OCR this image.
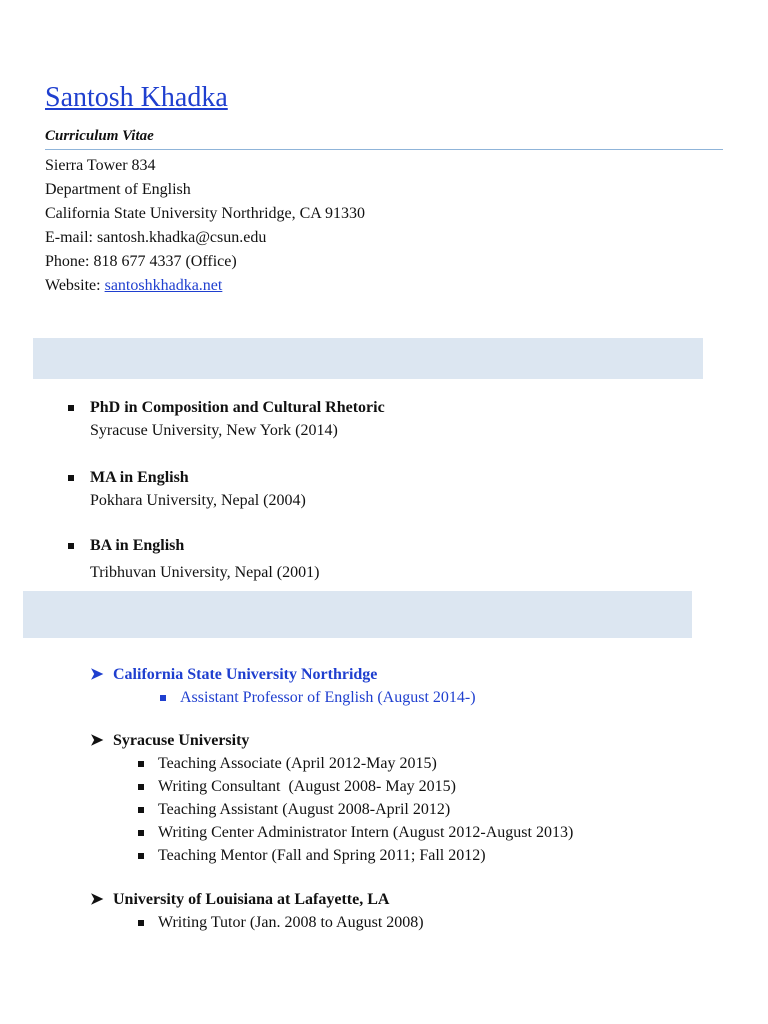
Santosh Khadka
Curriculum Vitae
Sierra Tower 834
Department of English
California State University Northridge, CA 91330
E-mail: santosh.khadka@csun.edu
Phone: 818 677 4337 (Office)
Website: santoshkhadka.net
PhD in Composition and Cultural Rhetoric
Syracuse University, New York (2014)
MA in English
Pokhara University, Nepal (2004)
BA in English
Tribhuvan University, Nepal (2001)
➤ California State University Northridge
Assistant Professor of English (August 2014-)
➤ Syracuse University
Teaching Associate (April 2012-May 2015)
Writing Consultant  (August 2008- May 2015)
Teaching Assistant (August 2008-April 2012)
Writing Center Administrator Intern (August 2012-August 2013)
Teaching Mentor (Fall and Spring 2011; Fall 2012)
➤ University of Louisiana at Lafayette, LA
Writing Tutor (Jan. 2008 to August 2008)
